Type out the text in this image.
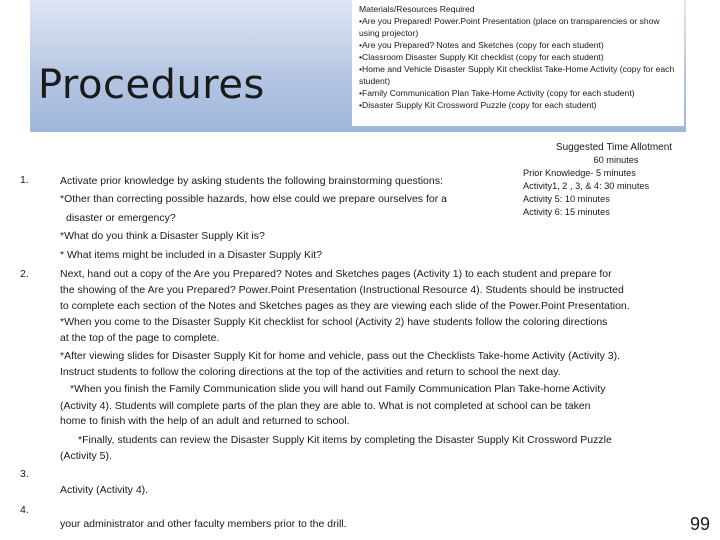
Procedures
Materials/Resources Required
•Are you Prepared! Power.Point Presentation (place on transparencies or show using projector)
•Are you Prepared? Notes and Sketches (copy for each student)
•Classroom Disaster Supply Kit checklist (copy for each student)
•Home and Vehicle Disaster Supply Kit checklist Take-Home Activity (copy for each student)
•Family Communication Plan Take-Home Activity (copy for each student)
•Disaster Supply Kit Crossword Puzzle (copy for each student)
Suggested Time Allotment
60 minutes
Prior Knowledge- 5 minutes
Activity1, 2 , 3, & 4: 30 minutes
Activity 5: 10 minutes
Activity 6: 15 minutes
1.
2.
3.
4.
Activate prior knowledge by asking students the following brainstorming questions:
*Other than correcting possible hazards, how else could we prepare ourselves for a
disaster or emergency?
*What do you think a Disaster Supply Kit is?
* What items might be included in a Disaster Supply Kit?
Next, hand out a copy of the Are you Prepared? Notes and Sketches pages (Activity 1) to each student and prepare for
the showing of the Are you Prepared? Power.Point Presentation (Instructional Resource 4). Students should be instructed
to complete each section of the Notes and Sketches pages as they are viewing each slide of the Power.Point Presentation.
*When you come to the Disaster Supply Kit checklist for school (Activity 2) have students follow the coloring directions
at the top of the page to complete.
*After viewing slides for Disaster Supply Kit for home and vehicle, pass out the Checklists Take-home Activity (Activity 3).
Instruct students to follow the coloring directions at the top of the activities and return to school the next day.
*When you finish the Family Communication slide you will hand out Family Communication Plan Take-home Activity
(Activity 4). Students will complete parts of the plan they are able to. What is not completed at school can be taken
home to finish with the help of an adult and returned to school.
*Finally, students can review the Disaster Supply Kit items by completing the Disaster Supply Kit Crossword Puzzle
(Activity 5).
Activity (Activity 4).
your administrator and other faculty members prior to the drill.	99
